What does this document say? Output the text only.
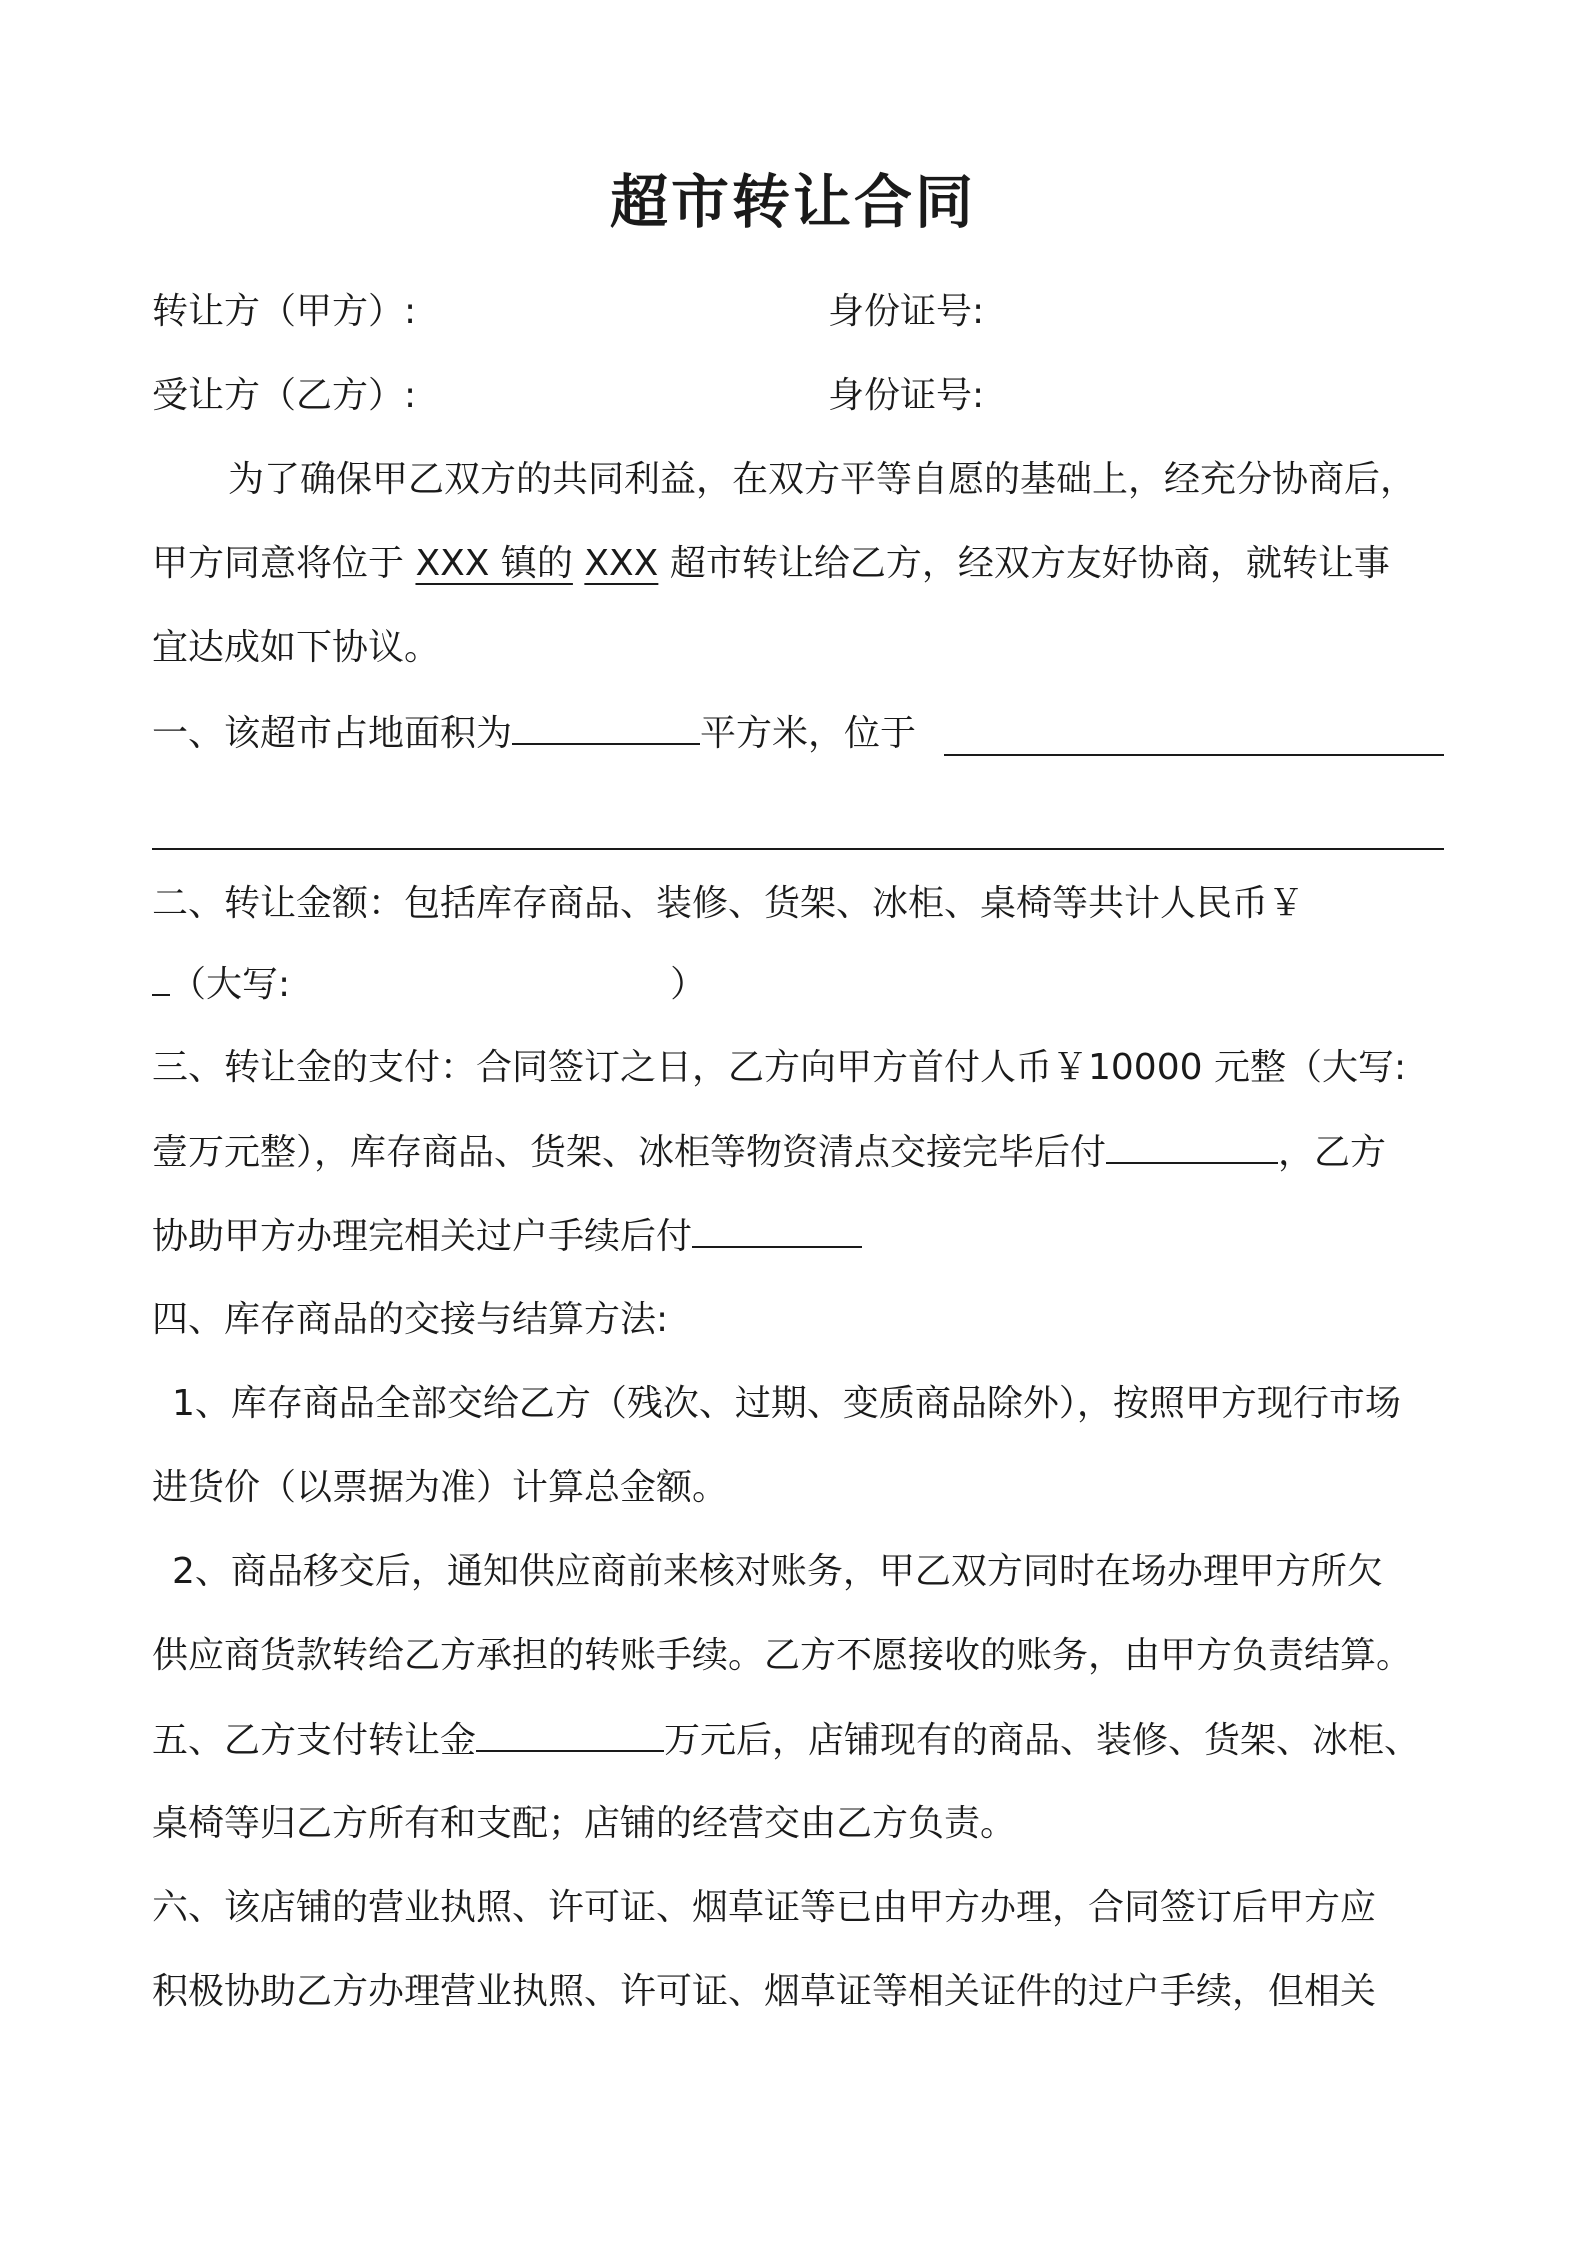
超市转让合同
转让方（甲方）:	身份证号:
受让方（乙方）:	身份证号:
为了确保甲乙双方的共同利益，在双方平等自愿的基础上，经充分协商后，
甲方同意将位于 XXX 镇的 XXX 超市转让给乙方，经双方友好协商，就转让事
宜达成如下协议。
一、该超市占地面积为	平方米，位于
二、转让金额：包括库存商品、装修、货架、冰柜、桌椅等共计人民币￥
（大写:	）
三、转让金的支付：合同签订之日，乙方向甲方首付人币￥10000 元整（大写:
壹万元整），库存商品、货架、冰柜等物资清点交接完毕后付	，乙方
协助甲方办理完相关过户手续后付
四、库存商品的交接与结算方法:
1、库存商品全部交给乙方（残次、过期、变质商品除外），按照甲方现行市场
进货价（以票据为准）计算总金额。
2、商品移交后，通知供应商前来核对账务，甲乙双方同时在场办理甲方所欠
供应商货款转给乙方承担的转账手续。乙方不愿接收的账务，由甲方负责结算。
五、乙方支付转让金	万元后，店铺现有的商品、装修、货架、冰柜、
桌椅等归乙方所有和支配；店铺的经营交由乙方负责。
六、该店铺的营业执照、许可证、烟草证等已由甲方办理，合同签订后甲方应
积极协助乙方办理营业执照、许可证、烟草证等相关证件的过户手续，但相关
